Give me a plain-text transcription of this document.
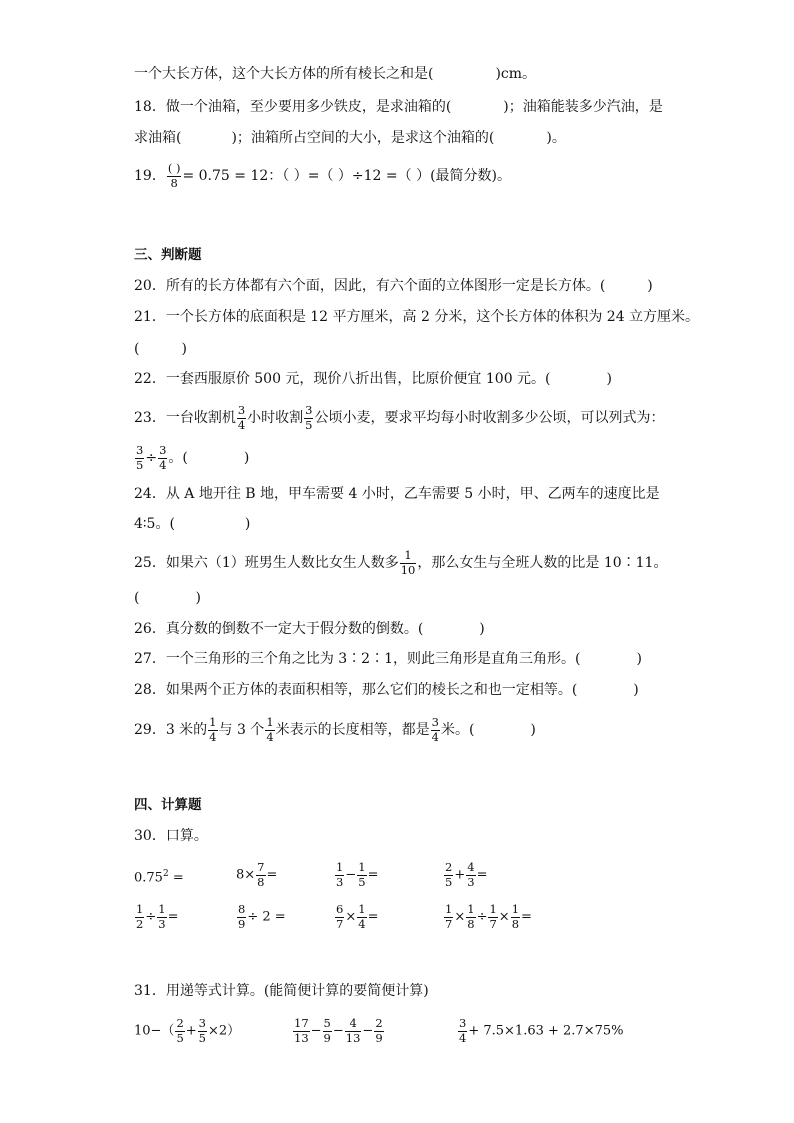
一个大长方体，这个大长方体的所有棱长之和是(	)cm。
18．做一个油箱，至少要用多少铁皮，是求油箱的(	)；油箱能装多少汽油，是
求油箱(	)；油箱所占空间的大小，是求这个油箱的(	)。
19． ( )
8 = 0.75 = 12：（ ）=（ ）÷12 =（ ）(最简分数)。
三、判断题
20．所有的长方体都有六个面，因此，有六个面的立体图形一定是长方体。(　　　)
21．一个长方体的底面积是 12 平方厘米，高 2 分米，这个长方体的体积为 24 立方厘米。
(　　　)
22．一套西服原价 500 元，现价八折出售，比原价便宜 100 元。(　　　　)
23．一台收割机 $\frac{3}{4}$ 小时收割 $\frac{3}{5}$ 公顷小麦，要求平均每小时收割多少公顷，可以列式为：
$\frac{3}{5} \div \frac{3}{4}$ 。(　　　　)
24．从 A 地开往 B 地，甲车需要 4 小时，乙车需要 5 小时，甲、乙两车的速度比是
4∶5。(　　　　　)
25．如果六（1）班男生人数比女生人数多 $\frac{1}{10}$ ，那么女生与全班人数的比是 10∶11。
(　　　　)
26．真分数的倒数不一定大于假分数的倒数。(　　　　)
27．一个三角形的三个角之比为 3∶2∶1，则此三角形是直角三角形。(　　　　)
28．如果两个正方体的表面积相等，那么它们的棱长之和也一定相等。(　　　　)
29．3 米的 $\frac{1}{4}$ 与 3 个 $\frac{1}{4}$ 米表示的长度相等，都是 $\frac{3}{4}$ 米。(　　　　)
四、计算题
30．口算。
$0.75^2$ =	$8\times \frac{7}{8}$ =	$\frac{1}{3} - \frac{1}{5}$ =	$\frac{2}{5} + \frac{4}{3}$ =
$\frac{1}{2} \div \frac{1}{3}$ =	$\frac{8}{9} \div 2$ =	$\frac{6}{7} \times \frac{1}{4}$ =	$\frac{1}{7} \times \frac{1}{8} \div \frac{1}{7} \times \frac{1}{8}$ =
31．用递等式计算。(能简便计算的要简便计算)
$10-( \frac{2}{5} + \frac{3}{5} \times 2)$	$\frac{17}{13} - \frac{5}{9} - \frac{4}{13} - \frac{2}{9}$	$\frac{3}{4} + 7.5\times 1.63 + 2.7\times 75\%$
